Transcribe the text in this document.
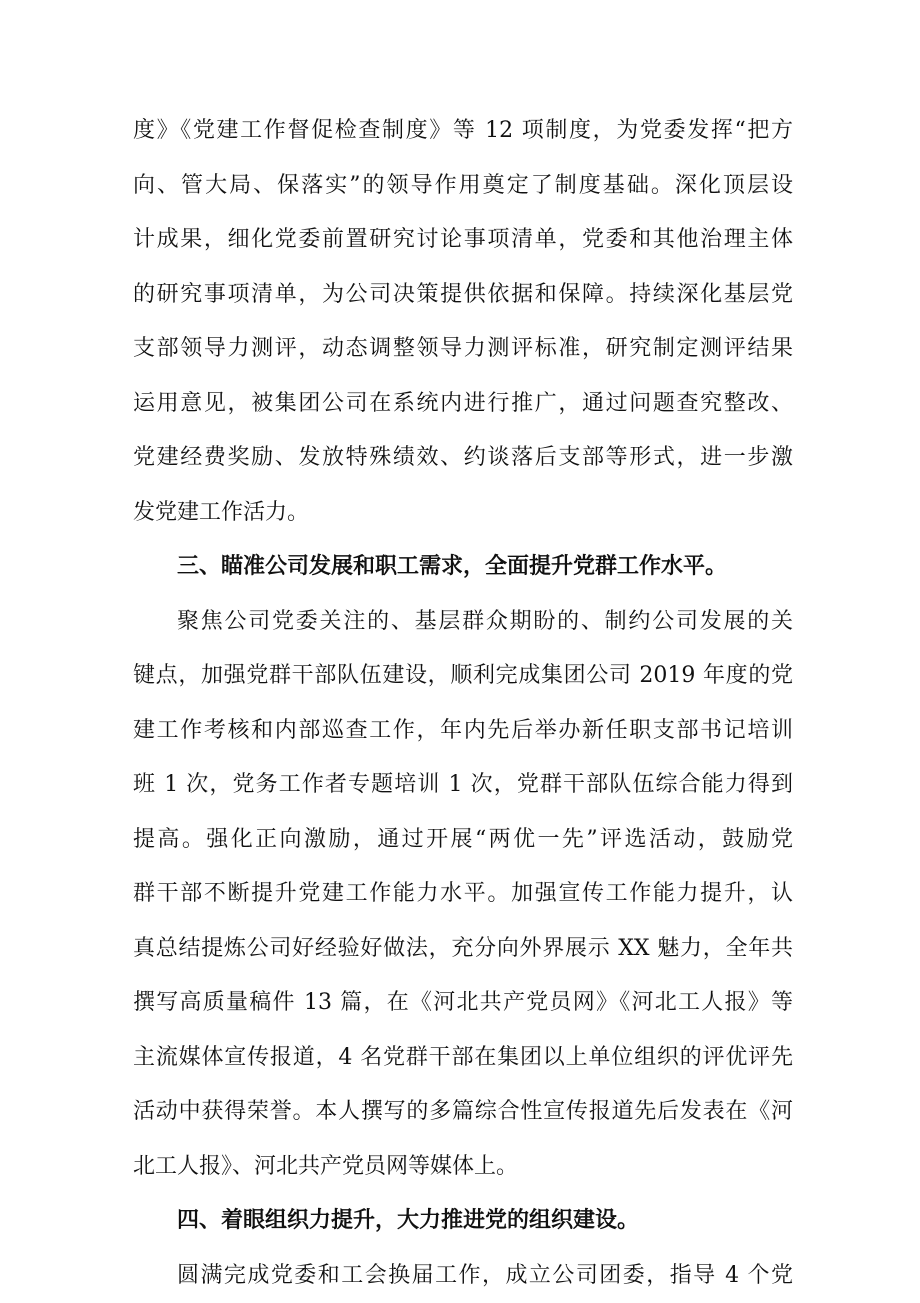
度》《党建工作督促检查制度》等 12 项制度，为党委发挥“把方
向、管大局、保落实”的领导作用奠定了制度基础。深化顶层设
计成果，细化党委前置研究讨论事项清单，党委和其他治理主体
的研究事项清单，为公司决策提供依据和保障。持续深化基层党
支部领导力测评，动态调整领导力测评标准，研究制定测评结果
运用意见，被集团公司在系统内进行推广，通过问题查究整改、
党建经费奖励、发放特殊绩效、约谈落后支部等形式，进一步激
发党建工作活力。
三、瞄准公司发展和职工需求，全面提升党群工作水平。
聚焦公司党委关注的、基层群众期盼的、制约公司发展的关
键点，加强党群干部队伍建设，顺利完成集团公司 2019 年度的党
建工作考核和内部巡查工作，年内先后举办新任职支部书记培训
班 1 次，党务工作者专题培训 1 次，党群干部队伍综合能力得到
提高。强化正向激励，通过开展“两优一先”评选活动，鼓励党
群干部不断提升党建工作能力水平。加强宣传工作能力提升，认
真总结提炼公司好经验好做法，充分向外界展示 XX 魅力，全年共
撰写高质量稿件 13 篇，在《河北共产党员网》《河北工人报》等
主流媒体宣传报道，4 名党群干部在集团以上单位组织的评优评先
活动中获得荣誉。本人撰写的多篇综合性宣传报道先后发表在《河
北工人报》、河北共产党员网等媒体上。
四、着眼组织力提升，大力推进党的组织建设。
圆满完成党委和工会换届工作，成立公司团委，指导 4 个党
